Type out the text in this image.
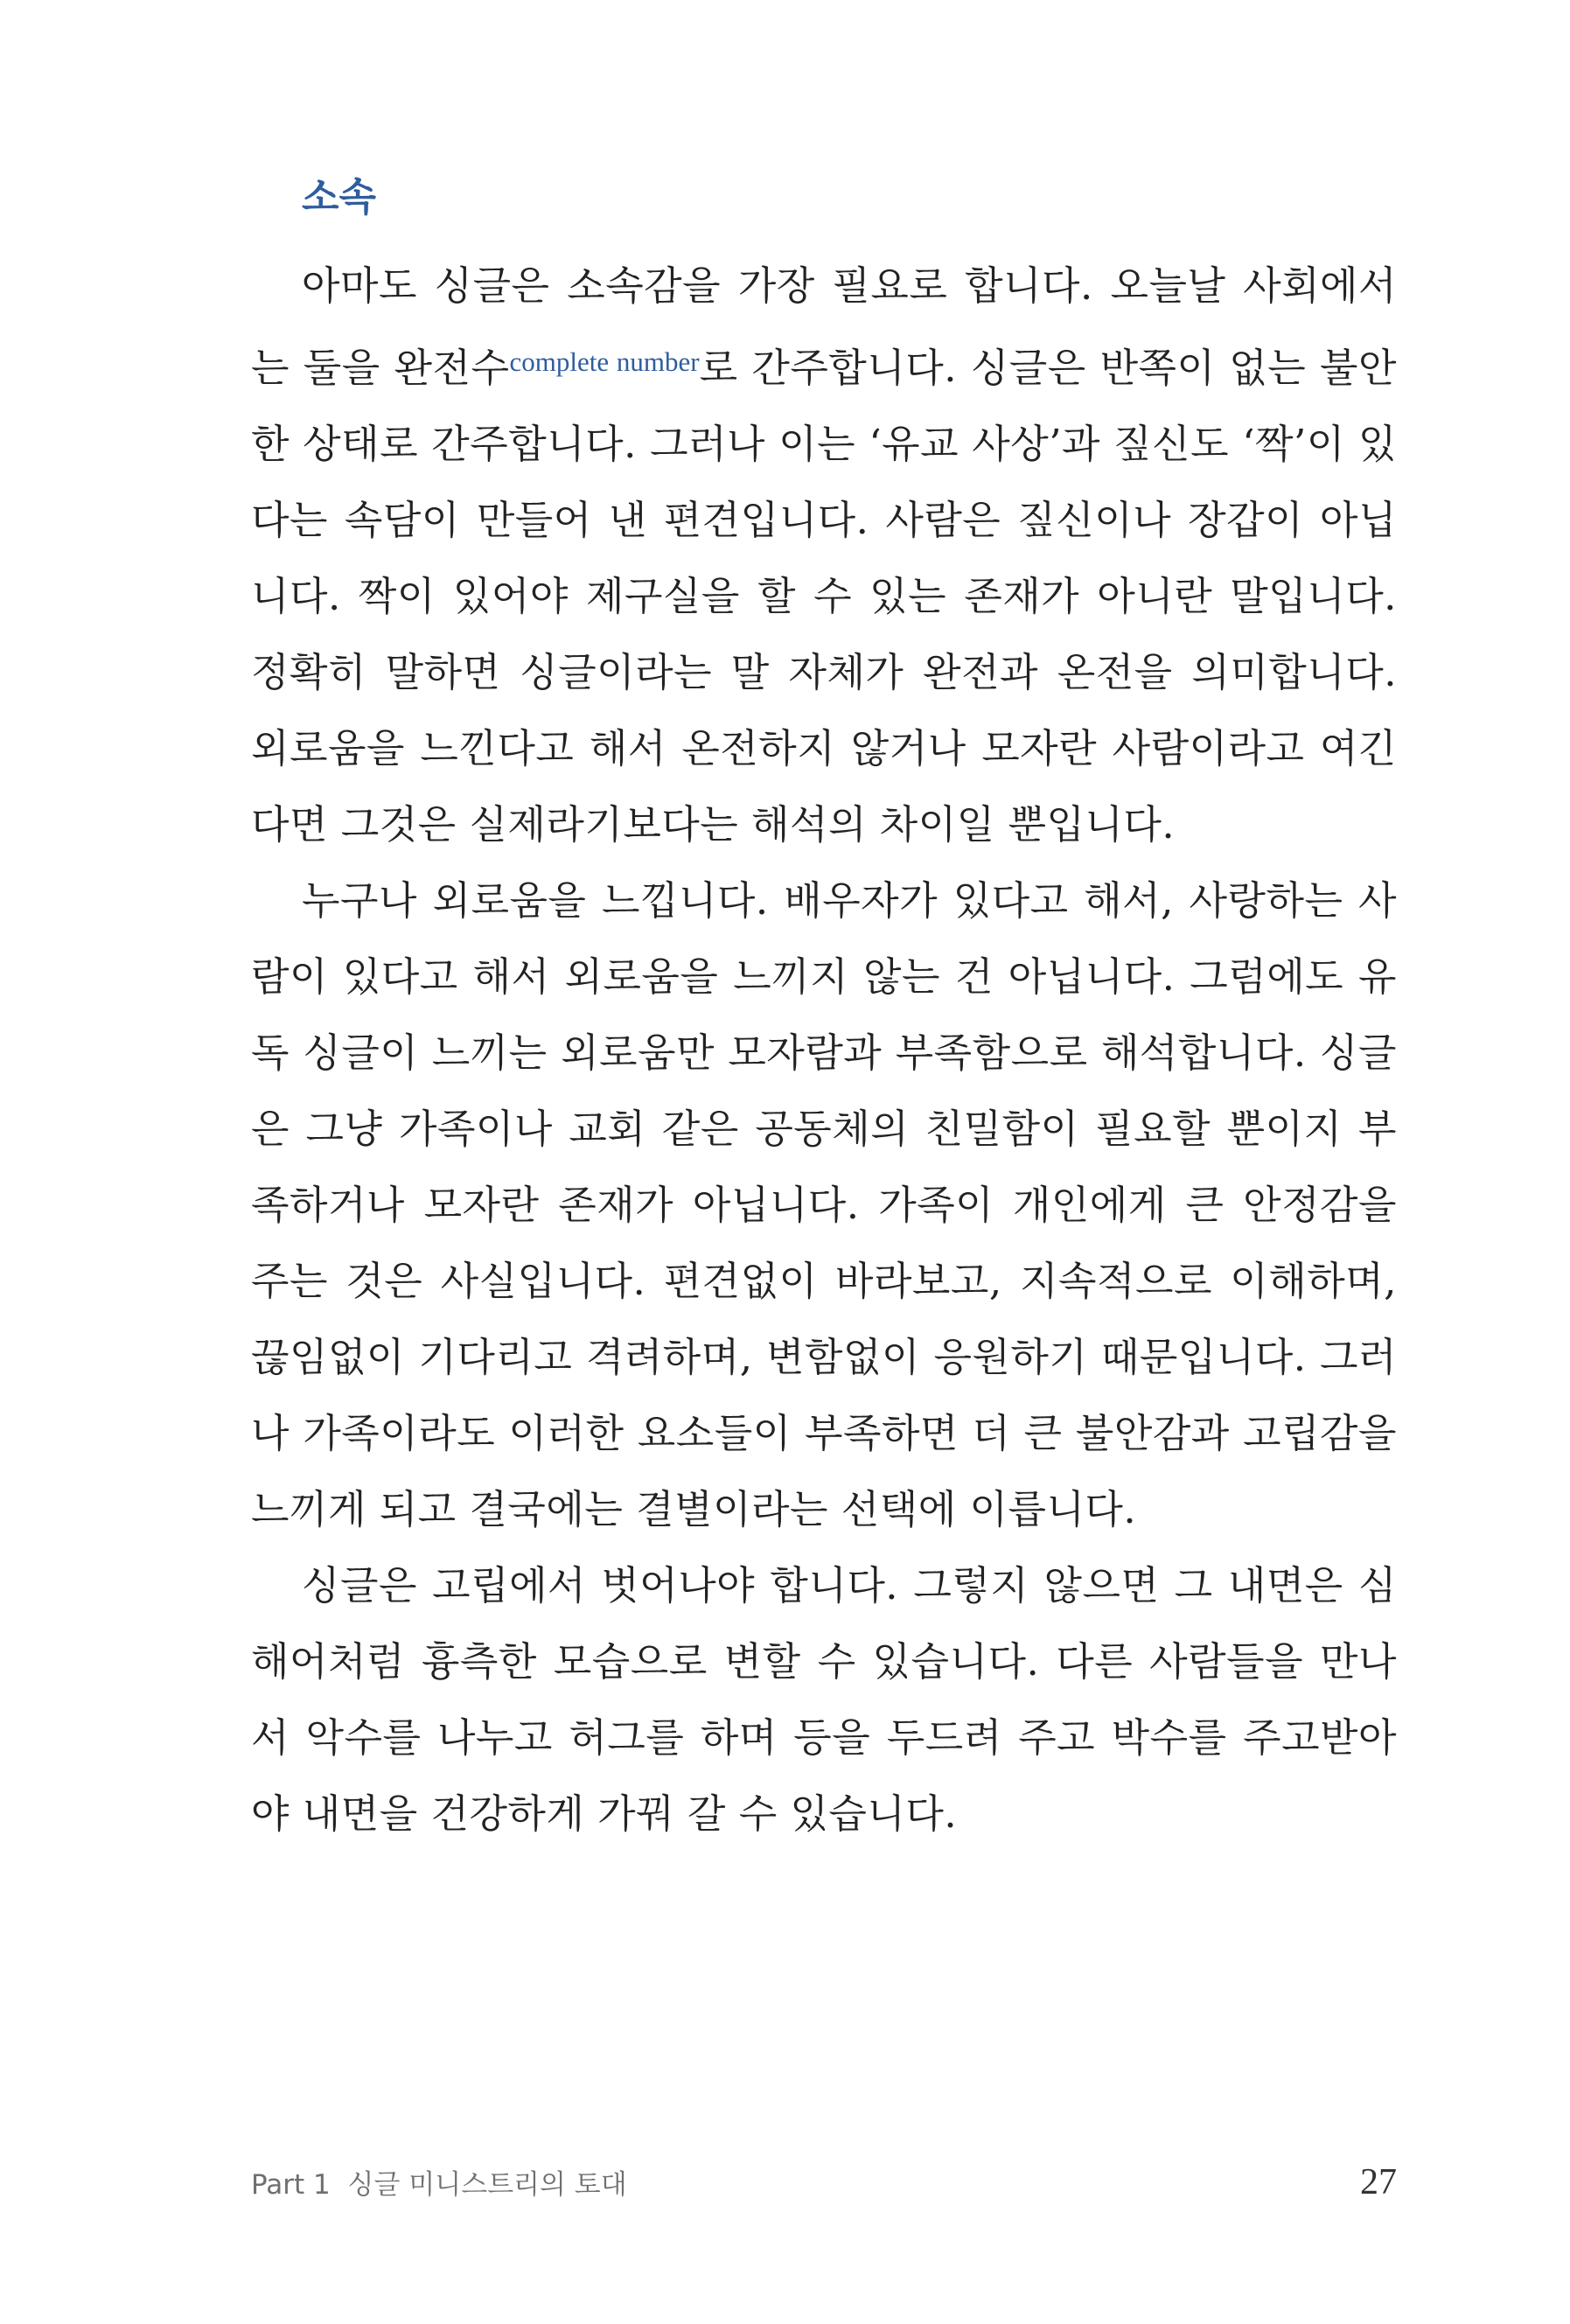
소속

아마도 싱글은 소속감을 가장 필요로 합니다. 오늘날 사회에서는 둘을 완전수$^{complete number}$로 간주합니다. 싱글은 반쪽이 없는 불안한 상태로 간주합니다. 그러나 이는 ‘유교 사상’과 짚신도 ‘짝’이 있다는 속담이 만들어 낸 편견입니다. 사람은 짚신이나 장갑이 아닙니다. 짝이 있어야 제구실을 할 수 있는 존재가 아니란 말입니다. 정확히 말하면 싱글이라는 말 자체가 완전과 온전을 의미합니다. 외로움을 느낀다고 해서 온전하지 않거나 모자란 사람이라고 여긴다면 그것은 실제라기보다는 해석의 차이일 뿐입니다.

누구나 외로움을 느낍니다. 배우자가 있다고 해서, 사랑하는 사람이 있다고 해서 외로움을 느끼지 않는 건 아닙니다. 그럼에도 유독 싱글이 느끼는 외로움만 모자람과 부족함으로 해석합니다. 싱글은 그냥 가족이나 교회 같은 공동체의 친밀함이 필요할 뿐이지 부족하거나 모자란 존재가 아닙니다. 가족이 개인에게 큰 안정감을 주는 것은 사실입니다. 편견없이 바라보고, 지속적으로 이해하며, 끊임없이 기다리고 격려하며, 변함없이 응원하기 때문입니다. 그러나 가족이라도 이러한 요소들이 부족하면 더 큰 불안감과 고립감을 느끼게 되고 결국에는 결별이라는 선택에 이릅니다.

싱글은 고립에서 벗어나야 합니다. 그렇지 않으면 그 내면은 심해어처럼 흉측한 모습으로 변할 수 있습니다. 다른 사람들을 만나서 악수를 나누고 허그를 하며 등을 두드려 주고 박수를 주고받아야 내면을 건강하게 가꿔 갈 수 있습니다.

Part 1 싱글 미니스트리의 토대	27
